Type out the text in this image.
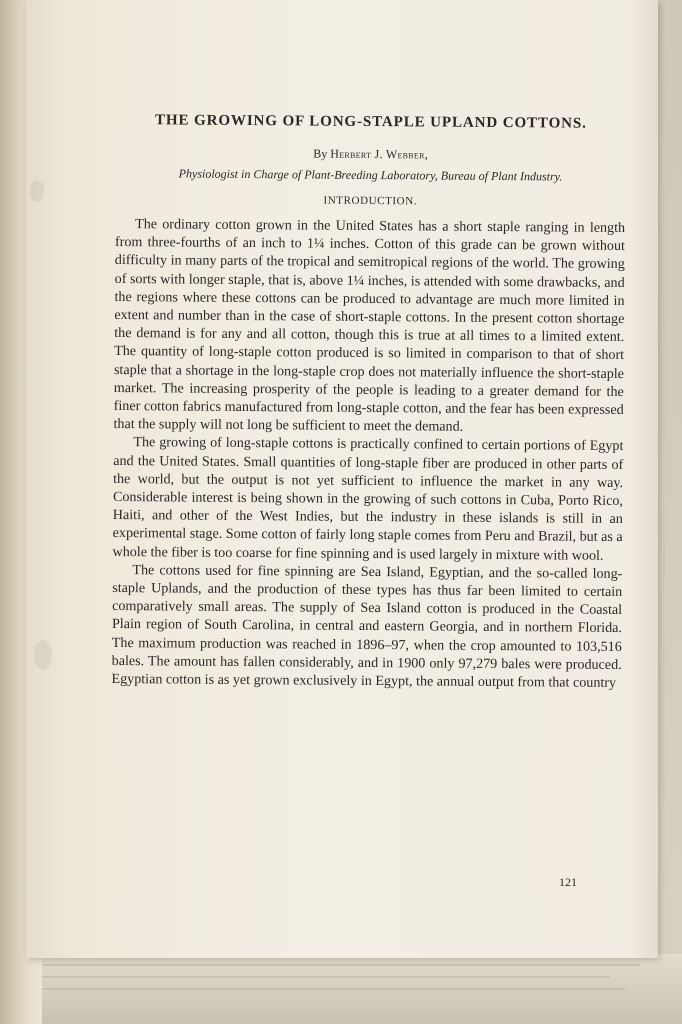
THE GROWING OF LONG-STAPLE UPLAND COTTONS.
By Herbert J. Webber,
Physiologist in Charge of Plant-Breeding Laboratory, Bureau of Plant Industry.
INTRODUCTION.

The ordinary cotton grown in the United States has a short staple ranging in length from three-fourths of an inch to 1¼ inches. Cotton of this grade can be grown without difficulty in many parts of the tropical and semitropical regions of the world. The growing of sorts with longer staple, that is, above 1¼ inches, is attended with some drawbacks, and the regions where these cottons can be produced to advantage are much more limited in extent and number than in the case of short-staple cottons. In the present cotton shortage the demand is for any and all cotton, though this is true at all times to a limited extent. The quantity of long-staple cotton produced is so limited in comparison to that of short staple that a shortage in the long-staple crop does not materially influence the short-staple market. The increasing prosperity of the people is leading to a greater demand for the finer cotton fabrics manufactured from long-staple cotton, and the fear has been expressed that the supply will not long be sufficient to meet the demand.

The growing of long-staple cottons is practically confined to certain portions of Egypt and the United States. Small quantities of long-staple fiber are produced in other parts of the world, but the output is not yet sufficient to influence the market in any way. Considerable interest is being shown in the growing of such cottons in Cuba, Porto Rico, Haiti, and other of the West Indies, but the industry in these islands is still in an experimental stage. Some cotton of fairly long staple comes from Peru and Brazil, but as a whole the fiber is too coarse for fine spinning and is used largely in mixture with wool.

The cottons used for fine spinning are Sea Island, Egyptian, and the so-called long-staple Uplands, and the production of these types has thus far been limited to certain comparatively small areas. The supply of Sea Island cotton is produced in the Coastal Plain region of South Carolina, in central and eastern Georgia, and in northern Florida. The maximum production was reached in 1896–97, when the crop amounted to 103,516 bales. The amount has fallen considerably, and in 1900 only 97,279 bales were produced. Egyptian cotton is as yet grown exclusively in Egypt, the annual output from that country

121
